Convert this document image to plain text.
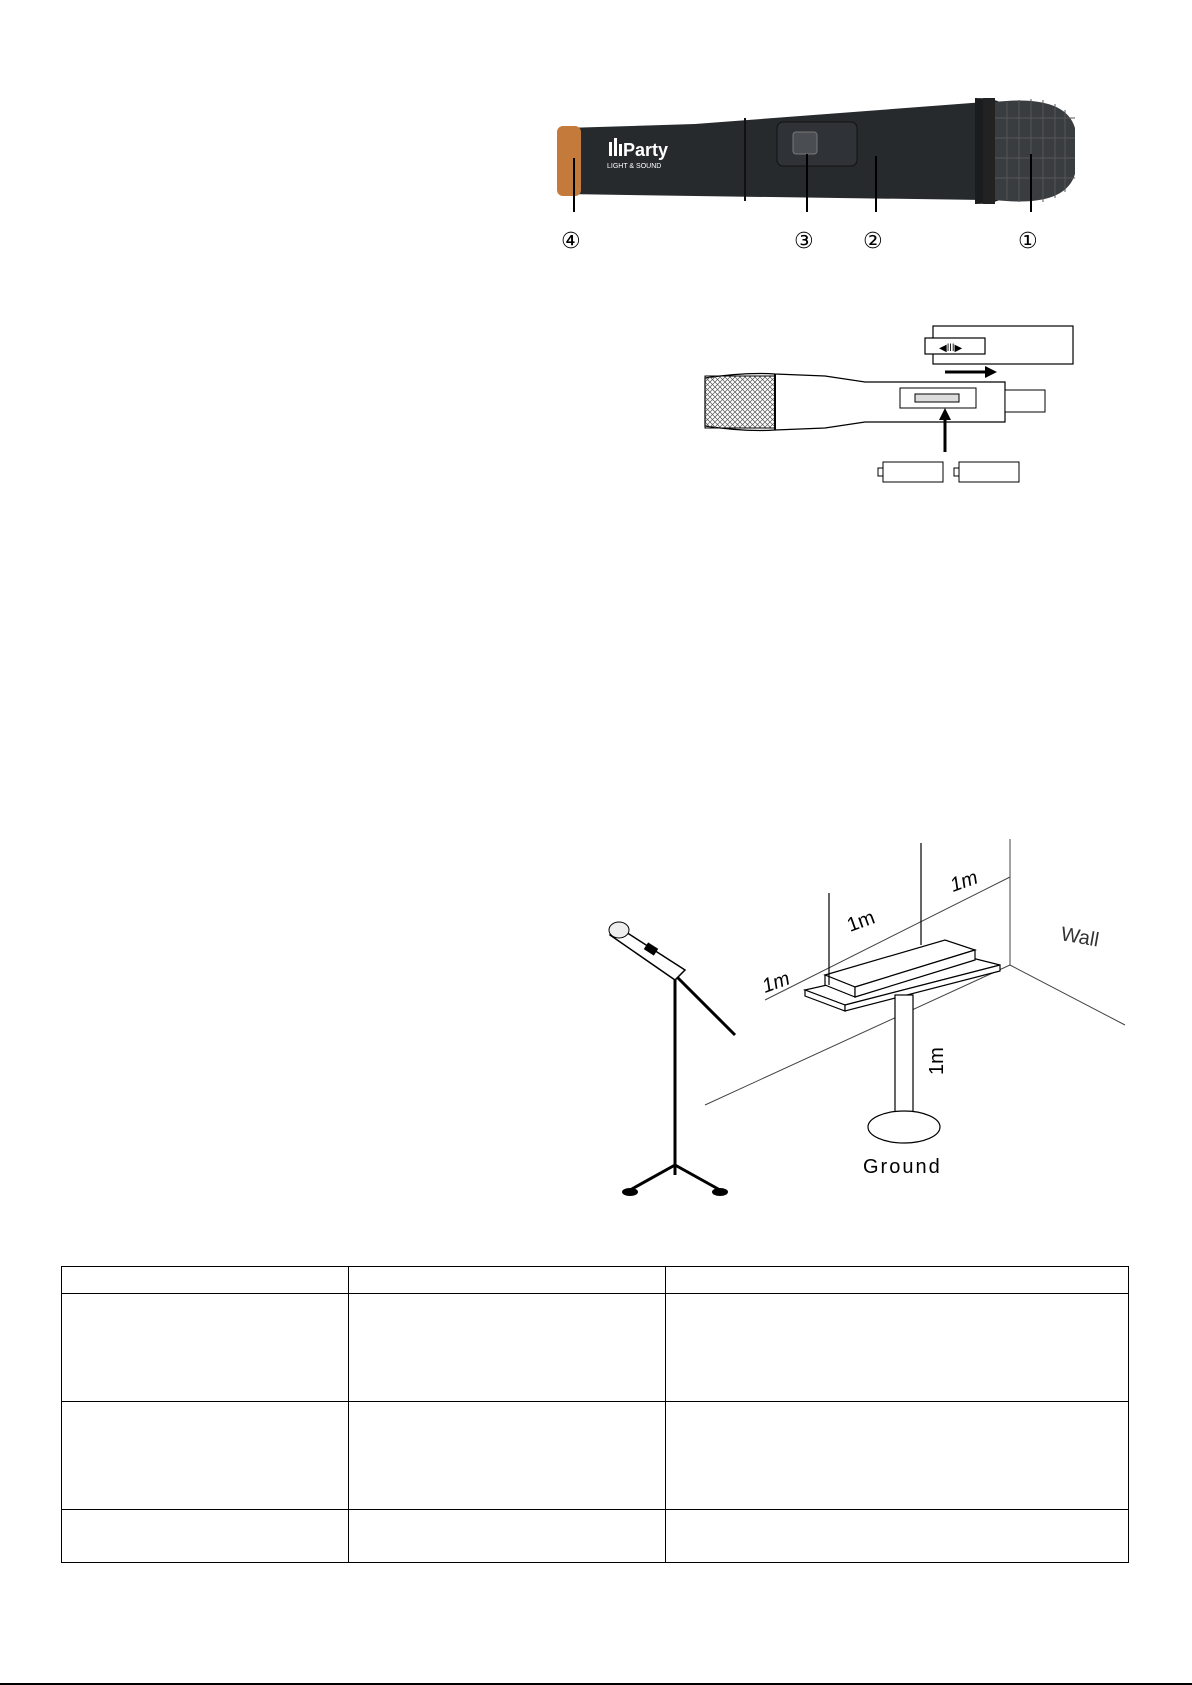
Party
LIGHT & SOUND
④	③ ②	①
◀ǀǀǀ▶
Wall
1m
1m
1m
1m
Ground
